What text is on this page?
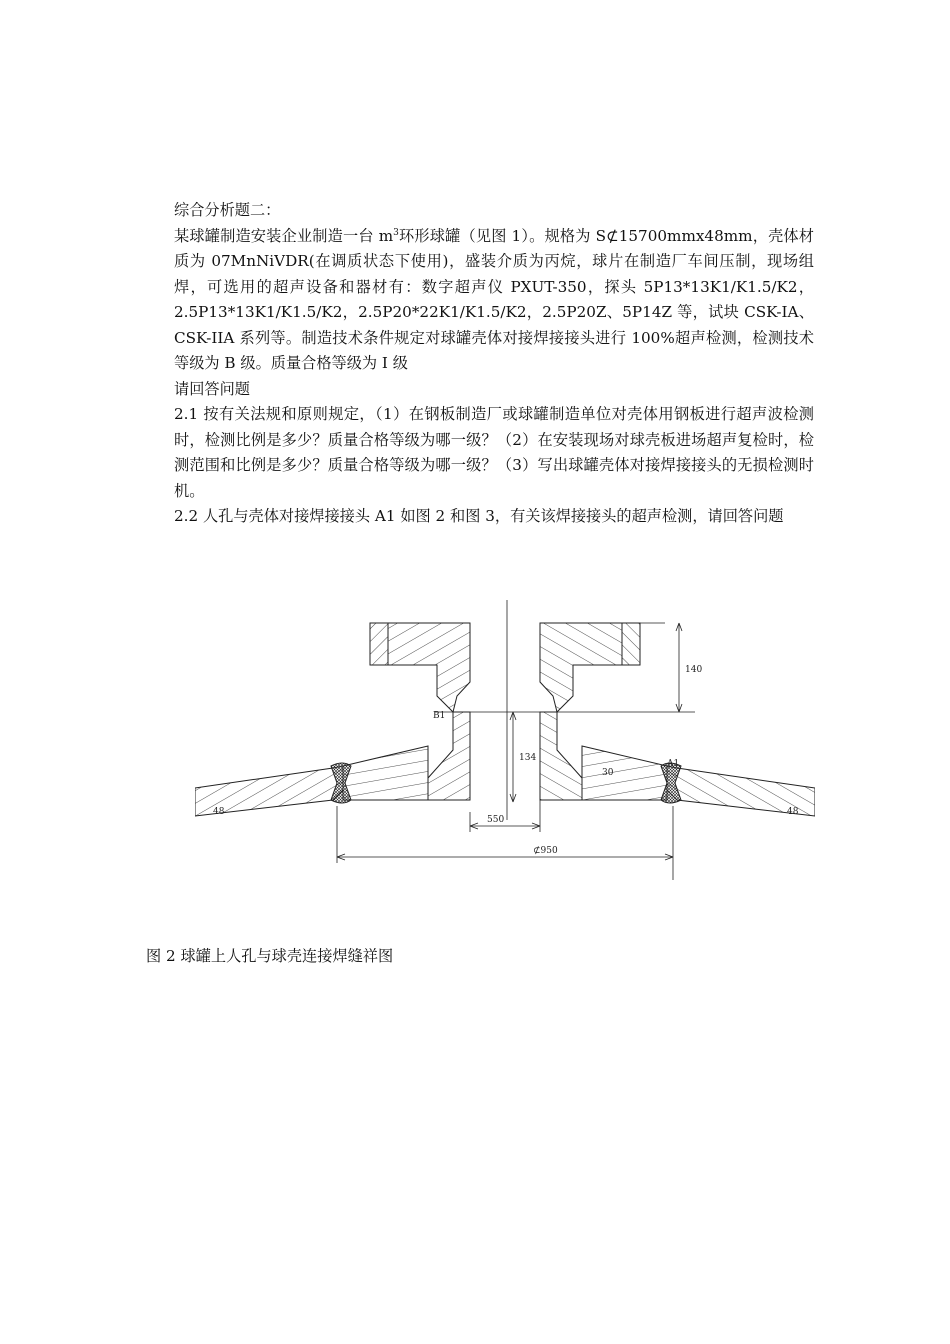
综合分析题二：

某球罐制造安装企业制造一台 $m^3$环形球罐（见图 1）。规格为 S⊄15700mmx48mm，壳体材质为 07MnNiVDR(在调质状态下使用)，盛装介质为丙烷，球片在制造厂车间压制，现场组焊，可选用的超声设备和器材有：数字超声仪 PXUT-350，探头 5P13*13K1/K1.5/K2，2.5P13*13K1/K1.5/K2，2.5P20*22K1/K1.5/K2，2.5P20Z、5P14Z 等，试块 CSK-IA、CSK-IIA 系列等。制造技术条件规定对球罐壳体对接焊接接头进行 100%超声检测，检测技术等级为 B 级。质量合格等级为 I 级

请回答问题

2.1 按有关法规和原则规定，（1）在钢板制造厂或球罐制造单位对壳体用钢板进行超声波检测时，检测比例是多少？质量合格等级为哪一级？（2）在安装现场对球壳板进场超声复检时，检测范围和比例是多少？质量合格等级为哪一级？（3）写出球罐壳体对接焊接接头的无损检测时机。

2.2 人孔与壳体对接焊接接头 A1 如图 2 和图 3，有关该焊接接头的超声检测，请回答问题

140
134
550
⊄950
B1
A1
30
48	48

图 2 球罐上人孔与球壳连接焊缝祥图
